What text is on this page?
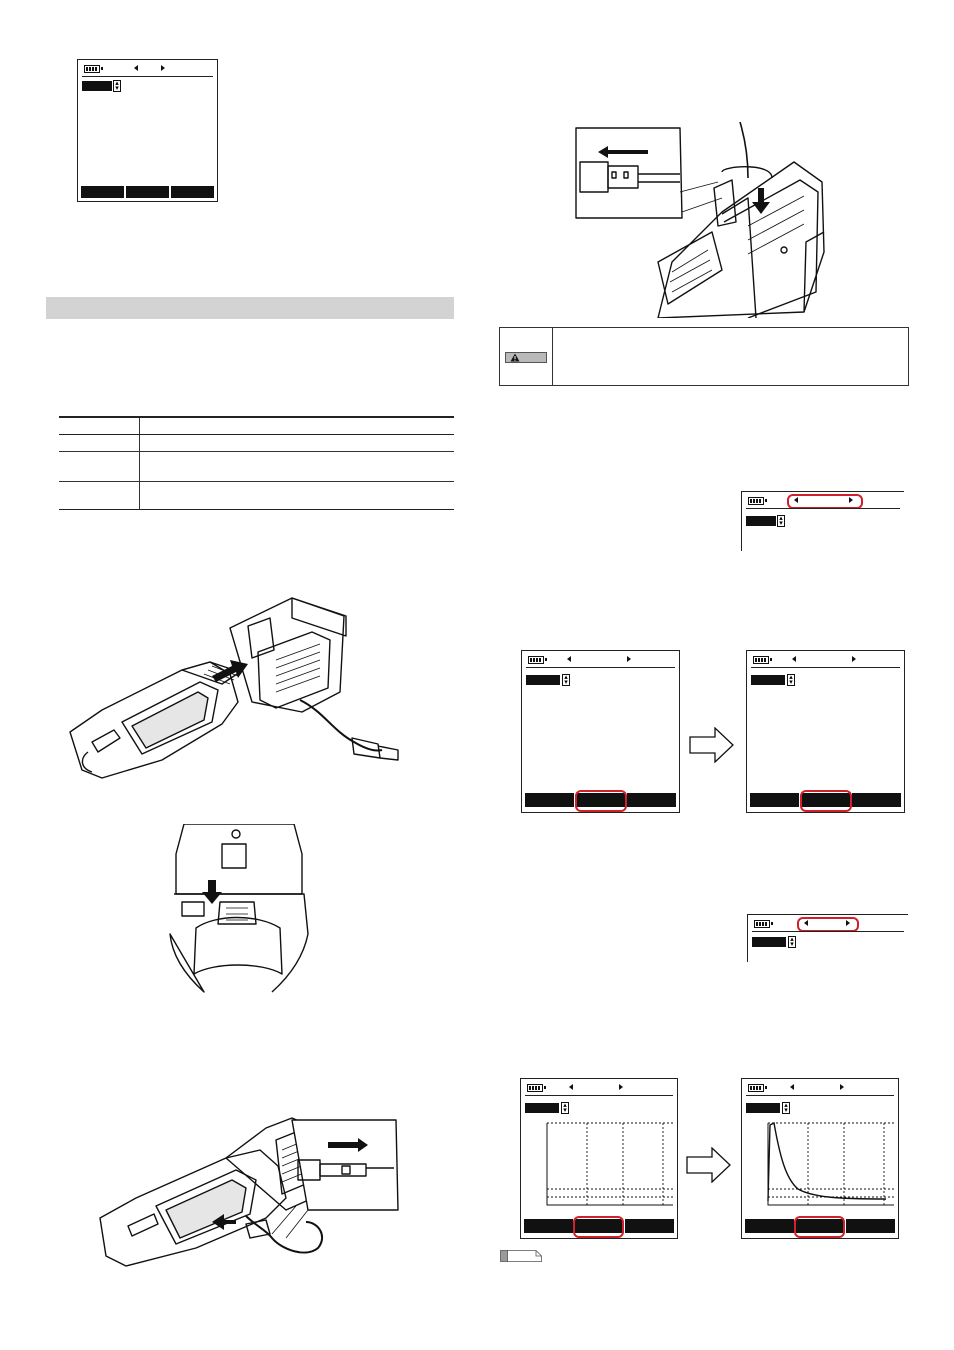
▴
▾

▴
▾
▴
▾
▴
▾
▴
▾
▴
▾
▴
▾
